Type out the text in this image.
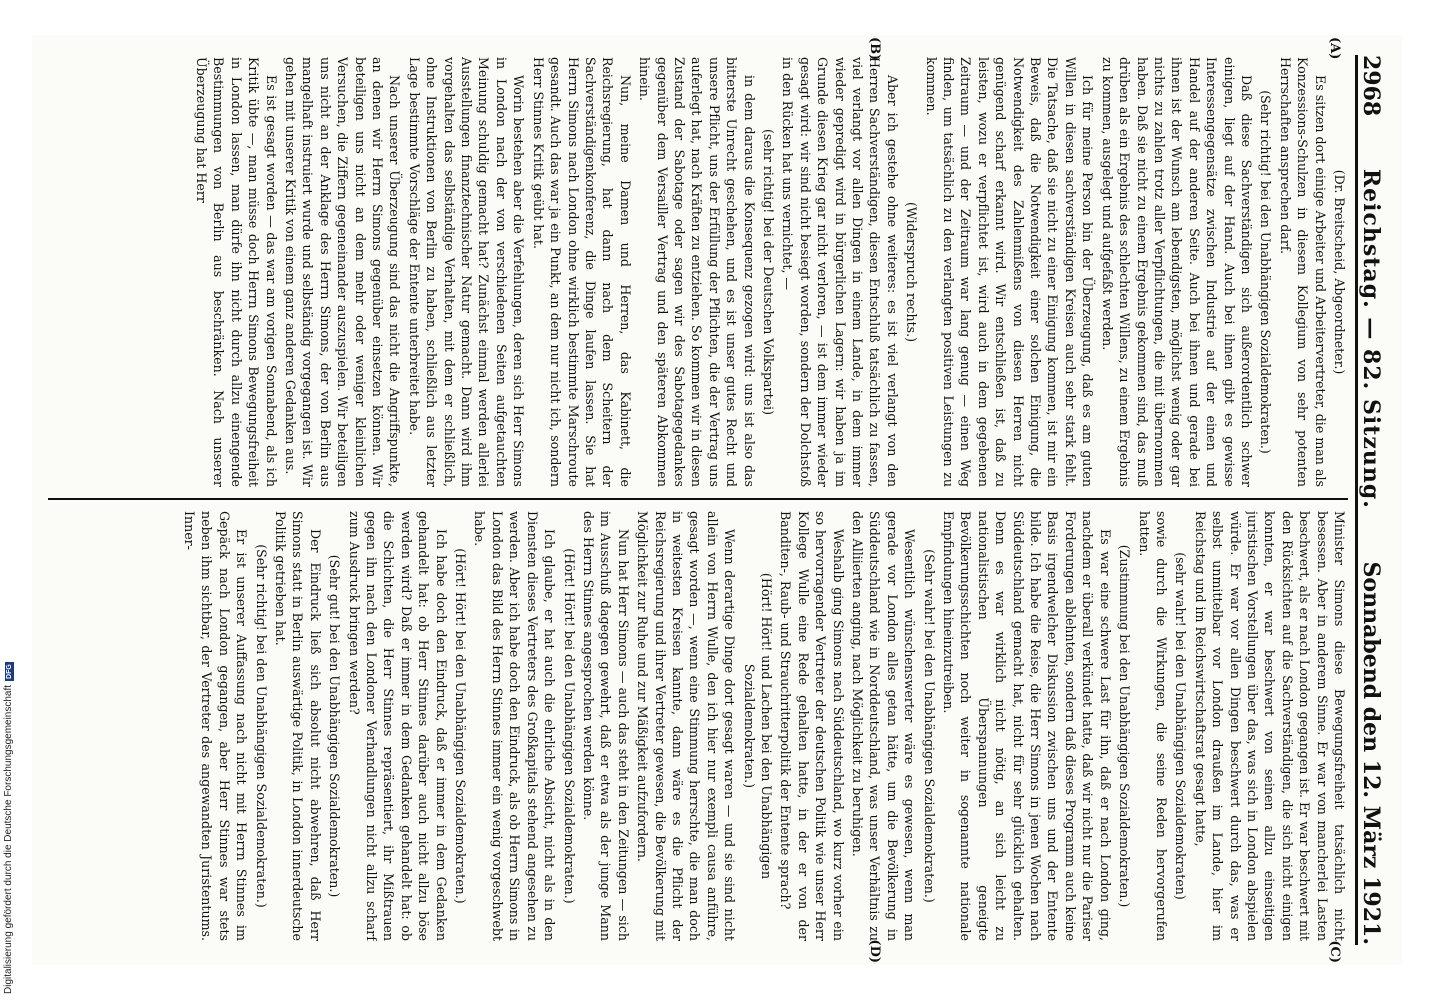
2968
Reichstag. — 82. Sitzung.
Sonnabend den 12. März 1921.
(A)
(B)
(C)
(D)

(Dr. Breitscheid, Abgeordneter.)

Es sitzen dort einige Arbeiter und Arbeitervertreter, die man als Konzessions-Schulzen in diesem Kollegium von sehr potenten Herrschaften ansprechen darf.

(Sehr richtig! bei den Unabhängigen Sozialdemokraten.)

Daß diese Sachverständigen sich außerordentlich schwer einigen, liegt auf der Hand. Auch bei ihnen gibt es gewisse Interessengegensätze zwischen Industrie auf der einen und Handel auf der anderen Seite. Auch bei ihnen und gerade bei ihnen ist der Wunsch am lebendigsten, möglichst wenig oder gar nichts zu zahlen trotz aller Verpflichtungen, die mit übernommen haben. Daß sie nicht zu einem Ergebnis gekommen sind, das muß drüben als ein Ergebnis des schlechten Willens, zu einem Ergebnis zu kommen, ausgelegt und aufgefaßt werden.

Ich für meine Person bin der Überzeugung, daß es am guten Willen in diesen sachverständigen Kreisen auch sehr stark fehlt. Die Tatsache, daß sie nicht zu einer Einigung kommen, ist mir ein Beweis, daß die Notwendigkeit einer solchen Einigung, die Notwendigkeit des Zahlenmißens von diesen Herren nicht genügend scharf erkannt wird. Wir entschließen ist, daß zu leisten, wozu er verpflichtet ist, wird auch in dem gegebenen Zeitraum — und der Zeitraum war lang genug — einen Weg finden, um tatsächlich zu den verlangten positiven Leistungen zu kommen.

(Widerspruch rechts.)

Aber ich gestehe ohne weiteres: es ist viel verlangt von den Herren Sachverständigen, diesen Entschluß tatsächlich zu fassen, viel verlangt vor allen Dingen in einem Lande, in dem immer wieder gepredigt wird in bürgerlichen Lagern: wir haben ja im Grunde diesen Krieg gar nicht verloren, — ist dem immer wieder gesagt wird: wir sind nicht besiegt worden, sondern der Dolchstoß in den Rücken hat uns vernichtet, —

(sehr richtig! bei der Deutschen Volkspartei)

in dem daraus die Konsequenz gezogen wird: uns ist also das bitterste Unrecht geschehen, und es ist unser gutes Recht und unsere Pflicht, uns der Erfüllung der Pflichten, die der Vertrag uns auferlegt hat, nach Kräften zu entziehen. So kommen wir in diesen Zustand der Sabotage oder sagen wir des Sabotagegedankes gegenüber dem Versailler Vertrag und den späteren Abkommen hinein.

Nun, meine Damen und Herren, das Kabinett, die Reichsregierung, hat dann nach dem Scheitern der Sachverständigenkonferenz, die Dinge laufen lassen. Sie hat Herrn Simons nach London ohne wirklich bestimmte Marschroute gesandt. Auch das war ja ein Punkt, an dem nur nicht ich, sondern Herr Stinnes Kritik geübt hat.

Worin bestehen aber die Verfehlungen, deren sich Herr Simons in London nach der von verschiedenen Seiten aufgetauchten Meinung schuldig gemacht hat? Zunächst einmal werden allerlei Ausstellungen finanztechnischer Natur gemacht. Dann wird ihm vorgehalten das selbständige Verhalten, mit dem er schließlich, ohne Instruktionen von Berlin zu haben, schließlich aus letzter Lage bestimmte Vorschläge der Entente unterbreitet habe.

Nach unserer Überzeugung sind das nicht die Angriffspunkte, an denen wir Herrn Simons gegenüber einsetzen können. Wir beteiligen uns nicht an dem mehr oder weniger kleinlichen Versuchen, die Ziffern gegeneinander auszuspielen. Wir beteiligen uns nicht an der Anklage des Herrn Simons, der von Berlin aus mangelhaft instruiert wurde und selbständig vorgegangen ist. Wir gehen mit unserer Kritik von einem ganz anderen Gedanken aus.

Es ist gesagt worden — das war am vorigen Sonnabend, als ich Kritik übte —, man müsse doch Herrn Simons Bewegungsfreiheit in London lassen, man dürfe ihn nicht durch allzu einengende Bestimmungen von Berlin aus beschränken. Nach unserer Überzeugung hat Herr

Minister Simons diese Bewegungsfreiheit tatsächlich nicht besessen. Aber in anderem Sinne. Er war von mancherlei Lasten beschwert, als er nach London gegangen ist. Er war beschwert mit den Rücksichten auf die Sachverständigen, die sich nicht einigen konnten, er war beschwert von seinen allzu einseitigen juristischen Vorstellungen über das, was sich in London abspielen würde. Er war vor allen Dingen beschwert durch das, was er selbst unmittelbar vor London draußen im Lande, hier im Reichstag und im Reichswirtschaftsrat gesagt hatte,

(sehr wahr! bei den Unabhängigen Sozialdemokraten)

sowie durch die Wirkungen, die seine Reden hervorgerufen hatten.

(Zustimmung bei den Unabhängigen Sozialdemokraten.)

Es war eine schwere Last für ihn, daß er nach London ging, nachdem er überall verkündet hatte, daß wir nicht nur die Pariser Forderungen ablehnten, sondern daß dieses Programm auch keine Basis irgendwelcher Diskussion zwischen uns und der Entente bilde. Ich habe die Reise, die Herr Simons in jenen Wochen nach Süddeutschland gemacht hat, nicht für sehr glücklich gehalten. Denn es war wirklich nicht nötig, an sich leicht zu nationalistischen Überspannungen geneigte Bevölkerungsschichten noch weiter in sogenannte nationale Empfindungen hineinzutreiben.

(Sehr wahr! bei den Unabhängigen Sozialdemokraten.)

Wesentlich wünschenswerter wäre es gewesen, wenn man gerade vor London alles getan hätte, um die Bevölkerung in Süddeutschland wie in Norddeutschland, was unser Verhältnis zu den Alliierten anging, nach Möglichkeit zu beruhigen.

Weshalb ging Simons nach Süddeutschland, wo kurz vorher ein so hervorragender Vertreter der deutschen Politik wie unser Herr Kollege Wulle eine Rede gehalten hatte, in der er von der Banditen-, Raub- und Strauchritterpolitik der Entente sprach?

(Hört! Hört! und Lachen bei den Unabhängigen Sozialdemokraten.)

Wenn derartige Dinge dort gesagt waren — und sie sind nicht allein von Herrn Wulle, den ich hier nur exempli causa anführe, gesagt worden —, wenn eine Stimmung herrschte, die man doch in weitesten Kreisen kannte, dann wäre es die Pflicht der Reichsregierung und ihrer Vertreter gewesen, die Bevölkerung mit Möglichkeit zur Ruhe und zur Mäßigkeit aufzufordern.

Nun hat Herr Simons — auch das steht in den Zeitungen — sich im Ausschuß dagegen gewehrt, daß er etwa als der junge Mann des Herrn Stinnes angesprochen werden könne.

(Hört! Hört! bei den Unabhängigen Sozialdemokraten.)

Ich glaube, er hat auch die ehrliche Absicht, nicht als in den Diensten dieses Vertreters des Großkapitals stehend angesehen zu werden. Aber ich habe doch den Eindruck, als ob Herrn Simons in London das Bild des Herrn Stinnes immer ein wenig vorgeschwebt habe.

(Hört! Hört! bei den Unabhängigen Sozialdemokraten.)

Ich habe doch den Eindruck, daß er immer in dem Gedanken gehandelt hat: ob Herr Stinnes darüber auch nicht allzu böse werden wird? Daß er immer in dem Gedanken gehandelt hat: ob die Schichten, die Herr Stinnes repräsentiert, ihr Mißtrauen gegen ihn nach den Londoner Verhandlungen nicht allzu scharf zum Ausdruck bringen werden?

(Sehr gut! bei den Unabhängigen Sozialdemokraten.)

Der Eindruck ließ sich absolut nicht abwehren, daß Herr Simons statt in Berlin auswärtige Politik, in London innerdeutsche Politik getrieben hat.

(Sehr richtig! bei den Unabhängigen Sozialdemokraten.)

Er ist unserer Auffassung nach nicht mit Herrn Stinnes im Gepäck nach London gegangen, aber Herr Stinnes war stets neben ihm sichtbar, der Vertreter des angewandten Juristentums. Inner-

Digitalisierung gefördert durch die Deutsche ForschungsgemeinschaftDFG
